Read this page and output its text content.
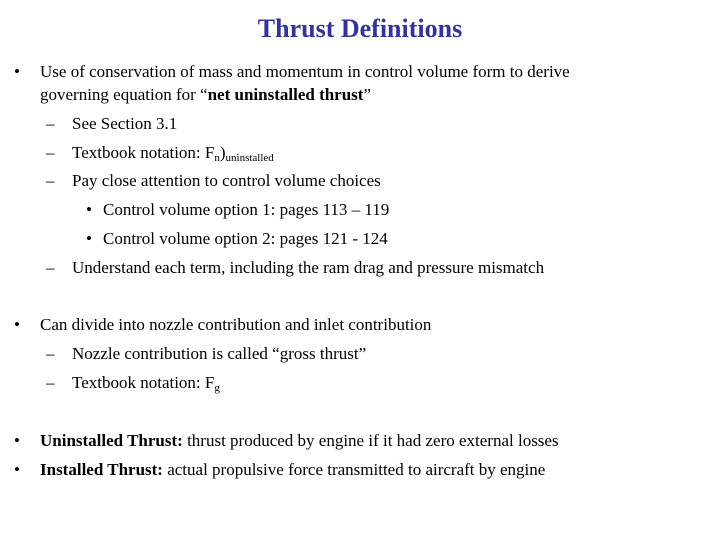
Thrust Definitions
• Use of conservation of mass and momentum in control volume form to derive
governing equation for “net uninstalled thrust”
– See Section 3.1
– Textbook notation: $F_n)_{uninstalled}$
– Pay close attention to control volume choices
• Control volume option 1: pages 113 – 119
• Control volume option 2: pages 121 - 124
– Understand each term, including the ram drag and pressure mismatch
• Can divide into nozzle contribution and inlet contribution
– Nozzle contribution is called “gross thrust”
– Textbook notation: $F_g$
• Uninstalled Thrust: thrust produced by engine if it had zero external losses
• Installed Thrust: actual propulsive force transmitted to aircraft by engine
